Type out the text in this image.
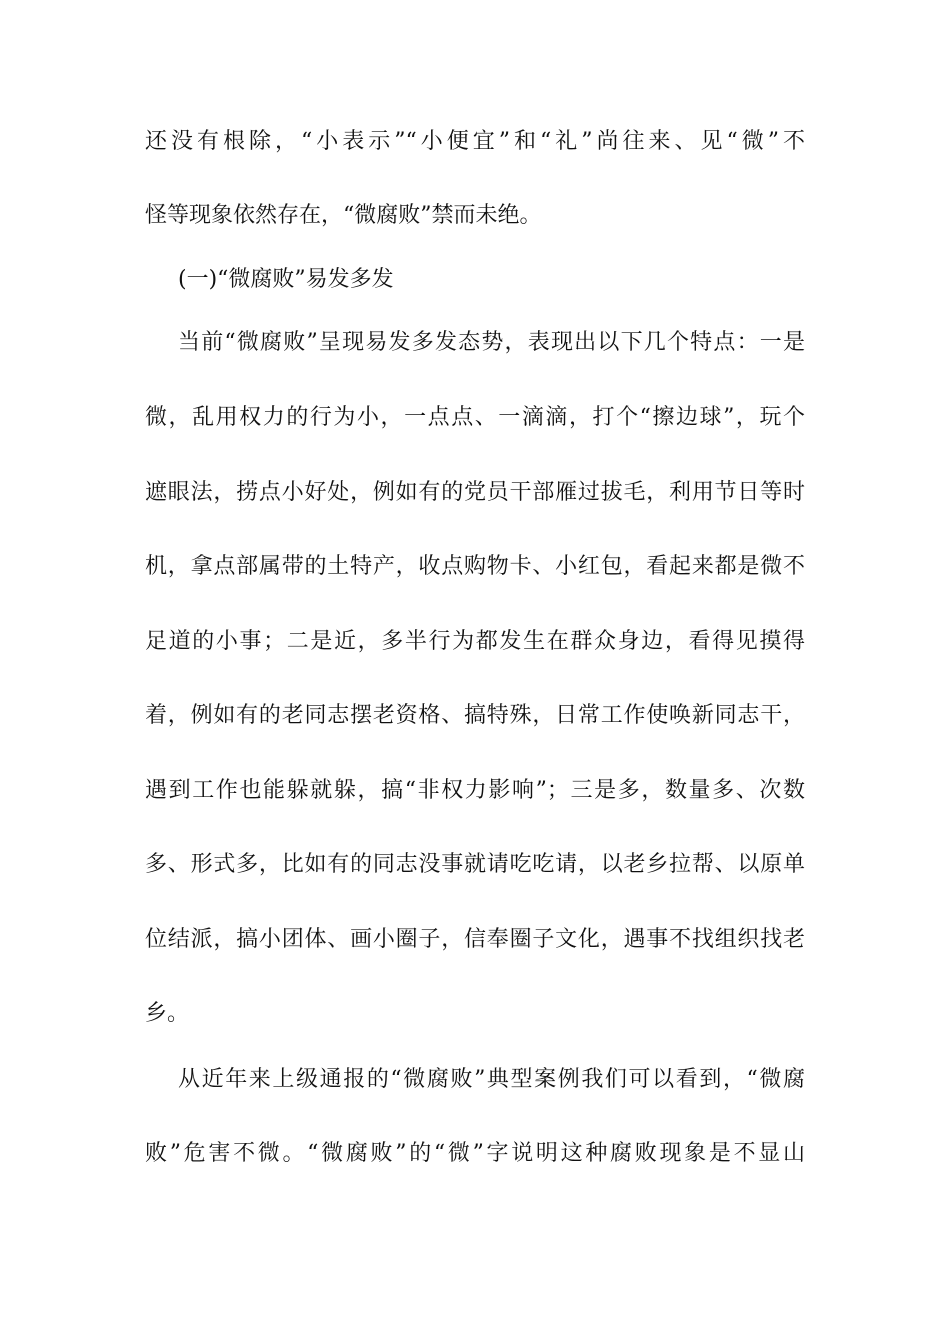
还没有根除，“小表示”“小便宜”和“礼”尚往来、见“微”不
怪等现象依然存在，“微腐败”禁而未绝。
(一)“微腐败”易发多发
当前“微腐败”呈现易发多发态势，表现出以下几个特点：一是
微，乱用权力的行为小，一点点、一滴滴，打个“擦边球”，玩个
遮眼法，捞点小好处，例如有的党员干部雁过拔毛，利用节日等时
机，拿点部属带的土特产，收点购物卡、小红包，看起来都是微不
足道的小事；二是近，多半行为都发生在群众身边，看得见摸得
着，例如有的老同志摆老资格、搞特殊，日常工作使唤新同志干，
遇到工作也能躲就躲，搞“非权力影响”；三是多，数量多、次数
多、形式多，比如有的同志没事就请吃吃请，以老乡拉帮、以原单
位结派，搞小团体、画小圈子，信奉圈子文化，遇事不找组织找老
乡。
从近年来上级通报的“微腐败”典型案例我们可以看到，“微腐
败”危害不微。“微腐败”的“微”字说明这种腐败现象是不显山
